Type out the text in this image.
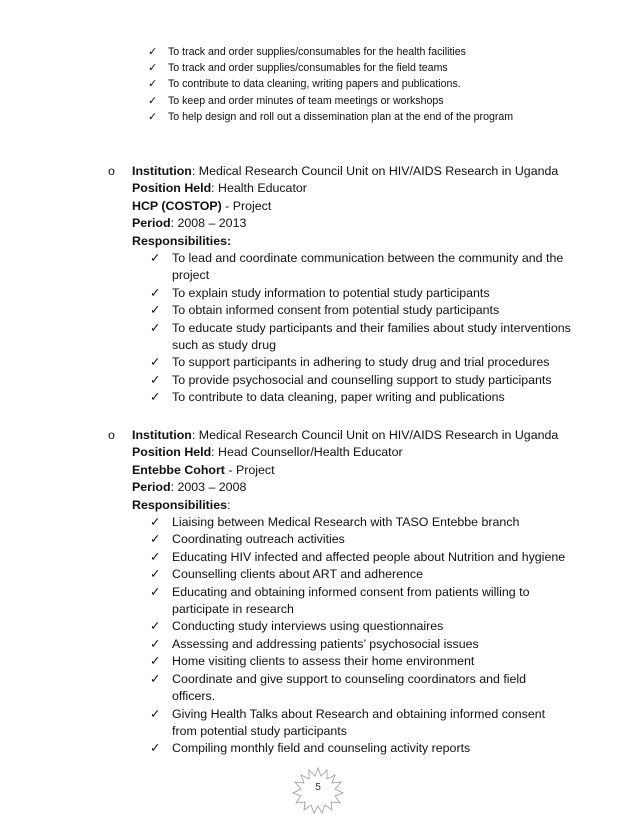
✓ To track and order supplies/consumables for the health facilities
✓ To track and order supplies/consumables for the field teams
✓ To contribute to data cleaning, writing papers and publications.
✓ To keep and order minutes of team meetings or workshops
✓ To help design and roll out a dissemination plan at the end of the program
o Institution: Medical Research Council Unit on HIV/AIDS Research in Uganda
Position Held: Health Educator
HCP (COSTOP) - Project
Period: 2008 – 2013
Responsibilities:
✓ To lead and coordinate communication between the community and the project
✓ To explain study information to potential study participants
✓ To obtain informed consent from potential study participants
✓ To educate study participants and their families about study interventions such as study drug
✓ To support participants in adhering to study drug and trial procedures
✓ To provide psychosocial and counselling support to study participants
✓ To contribute to data cleaning, paper writing and publications
o Institution: Medical Research Council Unit on HIV/AIDS Research in Uganda
Position Held: Head Counsellor/Health Educator
Entebbe Cohort - Project
Period: 2003 – 2008
Responsibilities:
✓ Liaising between Medical Research with TASO Entebbe branch
✓ Coordinating outreach activities
✓ Educating HIV infected and affected people about Nutrition and hygiene
✓ Counselling clients about ART and adherence
✓ Educating and obtaining informed consent from patients willing to participate in research
✓ Conducting study interviews using questionnaires
✓ Assessing and addressing patients’ psychosocial issues
✓ Home visiting clients to assess their home environment
✓ Coordinate and give support to counseling coordinators and field officers.
✓ Giving Health Talks about Research and obtaining informed consent from potential study participants
✓ Compiling monthly field and counseling activity reports
5
